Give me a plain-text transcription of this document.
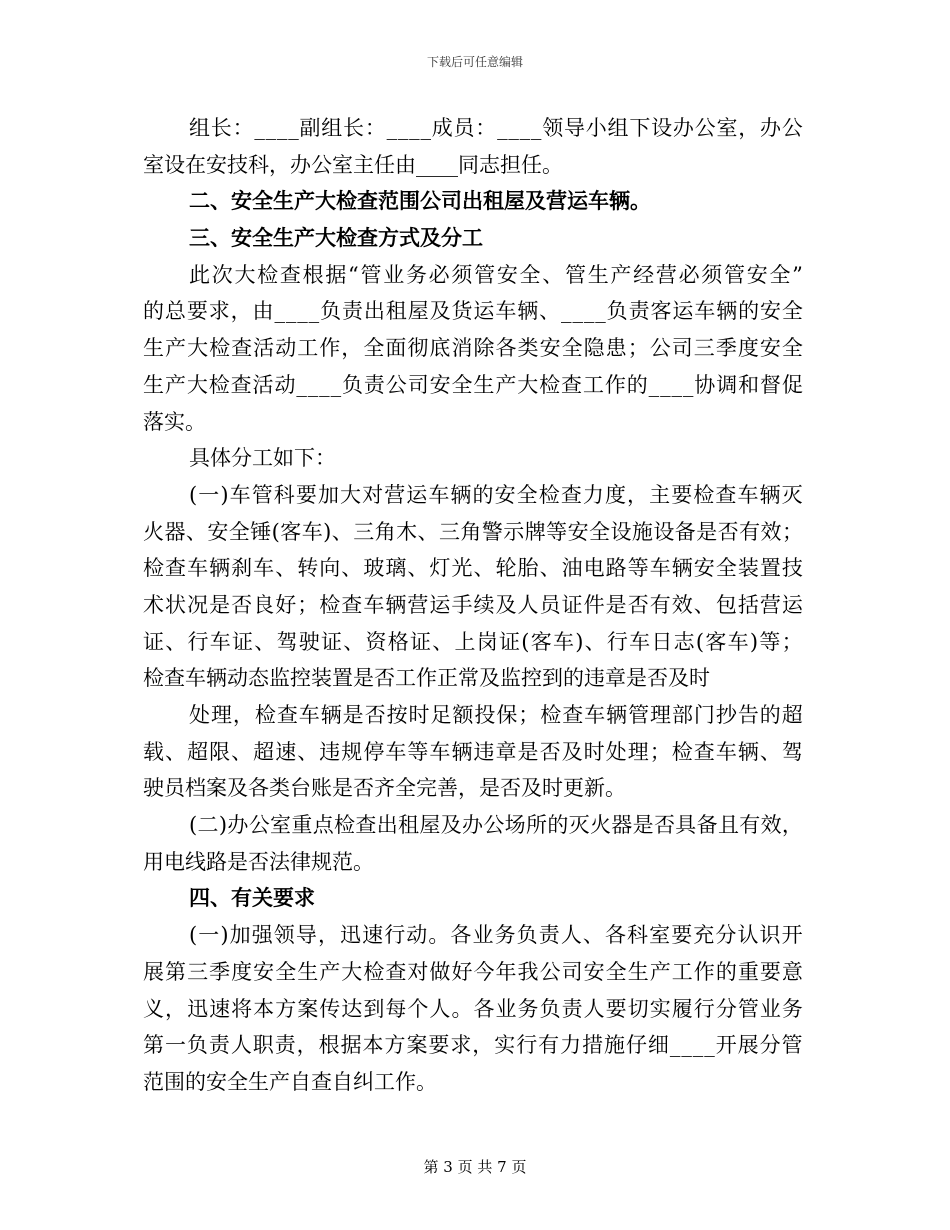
下载后可任意编辑
组 长 ： _ _ _ _ 副 组 长 ： _ _ _ _ 成 员 ： _ _ _ _ 领 导 小 组 下 设 办 公 室 ， 办 公
室设在安技科，办公室主任由____同志担任。
二、安全生产大检查范围公司出租屋及营运车辆。
三、安全生产大检查方式及分工
此 次 大 检 查 根 据 “ 管 业 务 必 须 管 安 全 、 管 生 产 经 营 必 须 管 安 全 ”
的 总 要 求 ， 由 _ _ _ _ 负 责 出 租 屋 及 货 运 车 辆 、 _ _ _ _ 负 责 客 运 车 辆 的 安 全
生 产 大 检 查 活 动 工 作 ， 全 面 彻 底 消 除 各 类 安 全 隐 患 ； 公 司 三 季 度 安 全
生 产 大 检 查 活 动 _ _ _ _ 负 责 公 司 安 全 生 产 大 检 查 工 作 的 _ _ _ _ 协 调 和 督 促
落实。
具体分工如下：
( 一 ) 车 管 科 要 加 大 对 营 运 车 辆 的 安 全 检 查 力 度 ， 主 要 检 查 车 辆 灭
火 器 、 安 全 锤 ( 客 车 ) 、 三 角 木 、 三 角 警 示 牌 等 安 全 设 施 设 备 是 否 有 效 ；
检 查 车 辆 刹 车 、 转 向 、 玻 璃 、 灯 光 、 轮 胎 、 油 电 路 等 车 辆 安 全 装 置 技
术 状 况 是 否 良 好 ； 检 查 车 辆 营 运 手 续 及 人 员 证 件 是 否 有 效 、 包 括 营 运
证 、 行 车 证 、 驾 驶 证 、 资 格 证 、 上 岗 证 ( 客 车 ) 、 行 车 日 志 ( 客 车 ) 等 ；
检查车辆动态监控装置是否工作正常及监控到的违章是否及时
处 理 ， 检 查 车 辆 是 否 按 时 足 额 投 保 ； 检 查 车 辆 管 理 部 门 抄 告 的 超
载 、 超 限 、 超 速 、 违 规 停 车 等 车 辆 违 章 是 否 及 时 处 理 ； 检 查 车 辆 、 驾
驶员档案及各类台账是否齐全完善，是否及时更新。
( 二 ) 办 公 室 重 点 检 查 出 租 屋 及 办 公 场 所 的 灭 火 器 是 否 具 备 且 有 效 ，
用电线路是否法律规范。
四、有关要求
( 一 ) 加 强 领 导 ， 迅 速 行 动 。 各 业 务 负 责 人 、 各 科 室 要 充 分 认 识 开
展 第 三 季 度 安 全 生 产 大 检 查 对 做 好 今 年 我 公 司 安 全 生 产 工 作 的 重 要 意
义 ， 迅 速 将 本 方 案 传 达 到 每 个 人 。 各 业 务 负 责 人 要 切 实 履 行 分 管 业 务
第 一 负 责 人 职 责 ， 根 据 本 方 案 要 求 ， 实 行 有 力 措 施 仔 细 _ _ _ _ 开 展 分 管
范围的安全生产自查自纠工作。
第 3 页 共 7 页
